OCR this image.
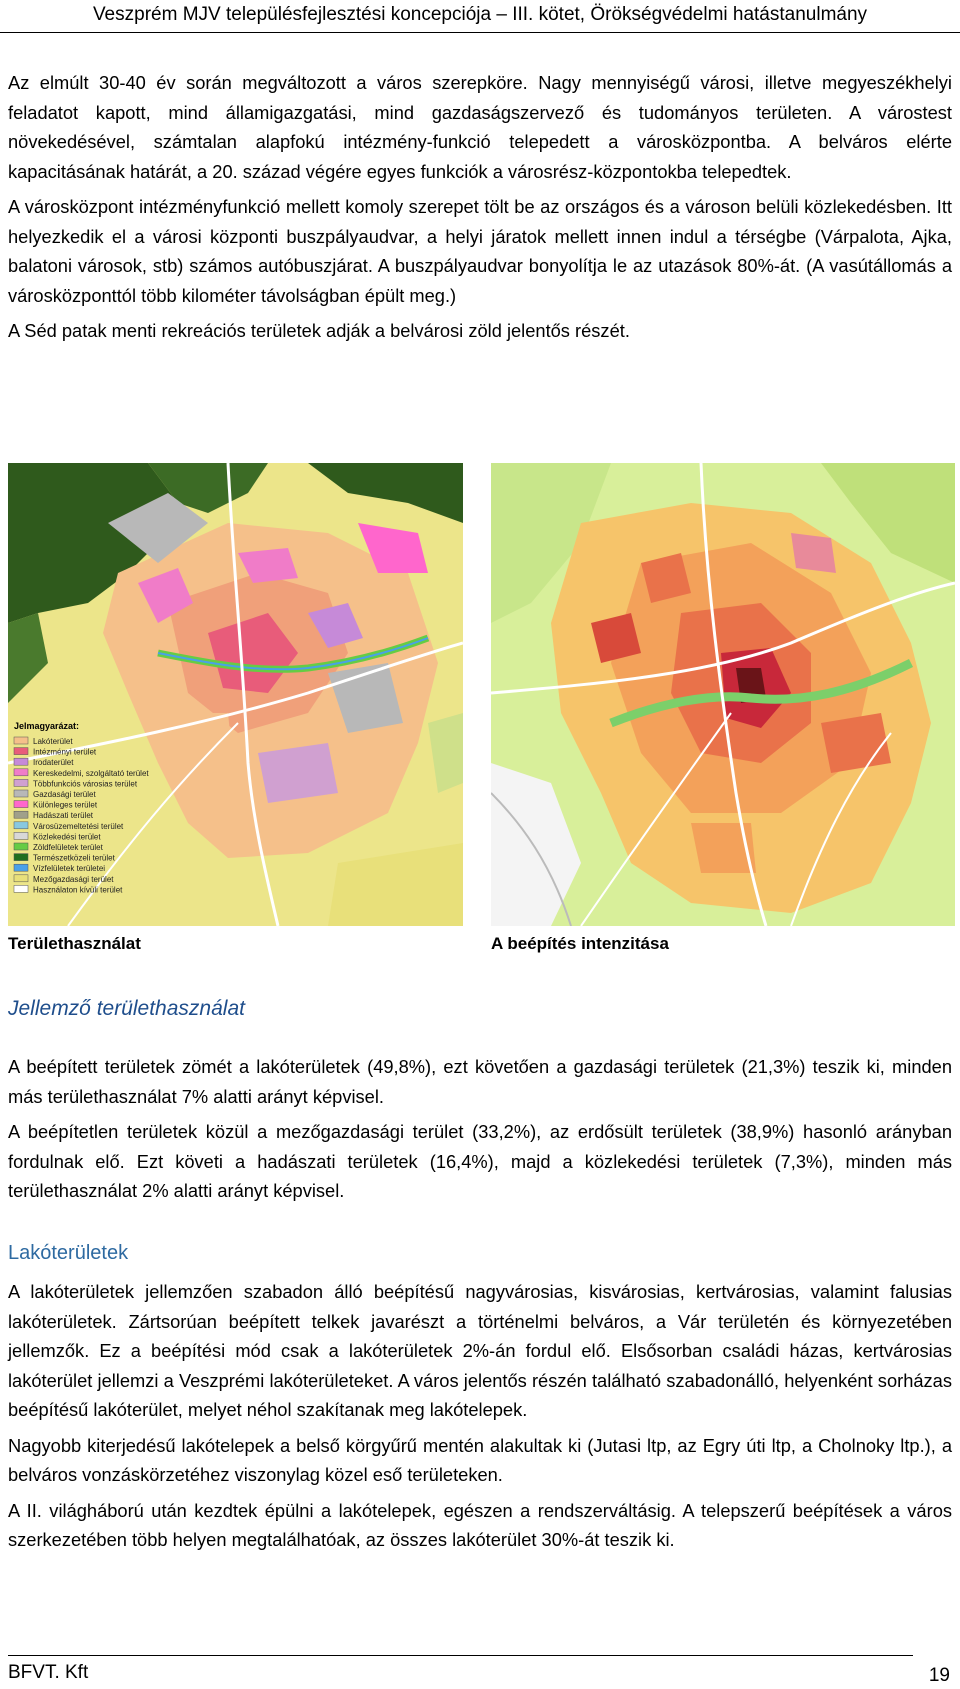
Veszprém MJV településfejlesztési koncepciója – III. kötet, Örökségvédelmi hatástanulmány

Az elmúlt 30-40 év során megváltozott a város szerepköre. Nagy mennyiségű városi, illetve megyeszékhelyi feladatot kapott, mind államigazgatási, mind gazdaságszervező és tudományos területen. A várostest növekedésével, számtalan alapfokú intézmény-funkció telepedett a városközpontba. A belváros elérte kapacitásának határát, a 20. század végére egyes funkciók a városrész-központokba telepedtek.

A városközpont intézményfunkció mellett komoly szerepet tölt be az országos és a városon belüli közlekedésben. Itt helyezkedik el a városi központi buszpályaudvar, a helyi járatok mellett innen indul a térségbe (Várpalota, Ajka, balatoni városok, stb) számos autóbuszjárat. A buszpályaudvar bonyolítja le az utazások 80%-át. (A vasútállomás a városközponttól több kilométer távolságban épült meg.)

A Séd patak menti rekreációs területek adják a belvárosi zöld jelentős részét.

Jelmagyarázat:
Lakóterület
Intézményi terület
Irodaterület
Kereskedelmi, szolgáltató terület
Többfunkciós városias terület
Gazdasági terület
Különleges terület
Hadászati terület
Városüzemeltetési terület
Közlekedési terület
Zöldfelületek terület
Természetközeli terület
Vízfelületek területei
Mezőgazdasági terület
Használaton kívüli terület
Területhasználat	A beépítés intenzitása
Jellemző területhasználat

A beépített területek zömét a lakóterületek (49,8%), ezt követően a gazdasági területek (21,3%) teszik ki, minden más területhasználat 7% alatti arányt képvisel.

A beépítetlen területek közül a mezőgazdasági terület (33,2%), az erdősült területek (38,9%) hasonló arányban fordulnak elő. Ezt követi a hadászati területek (16,4%), majd a közlekedési területek (7,3%), minden más területhasználat 2% alatti arányt képvisel.

Lakóterületek

A lakóterületek jellemzően szabadon álló beépítésű nagyvárosias, kisvárosias, kertvárosias, valamint falusias lakóterületek. Zártsorúan beépített telkek javarészt a történelmi belváros, a Vár területén és környezetében jellemzők. Ez a beépítési mód csak a lakóterületek 2%-án fordul elő. Elsősorban családi házas, kertvárosias lakóterület jellemzi a Veszprémi lakóterületeket. A város jelentős részén található szabadonálló, helyenként sorházas beépítésű lakóterület, melyet néhol szakítanak meg lakótelepek.

Nagyobb kiterjedésű lakótelepek a belső körgyűrű mentén alakultak ki (Jutasi ltp, az Egry úti ltp, a Cholnoky ltp.), a belváros vonzáskörzetéhez viszonylag közel eső területeken.

A II. világháború után kezdtek épülni a lakótelepek, egészen a rendszerváltásig. A telepszerű beépítések a város szerkezetében több helyen megtalálhatóak, az összes lakóterület 30%-át teszik ki.

BFVT. Kft	19
